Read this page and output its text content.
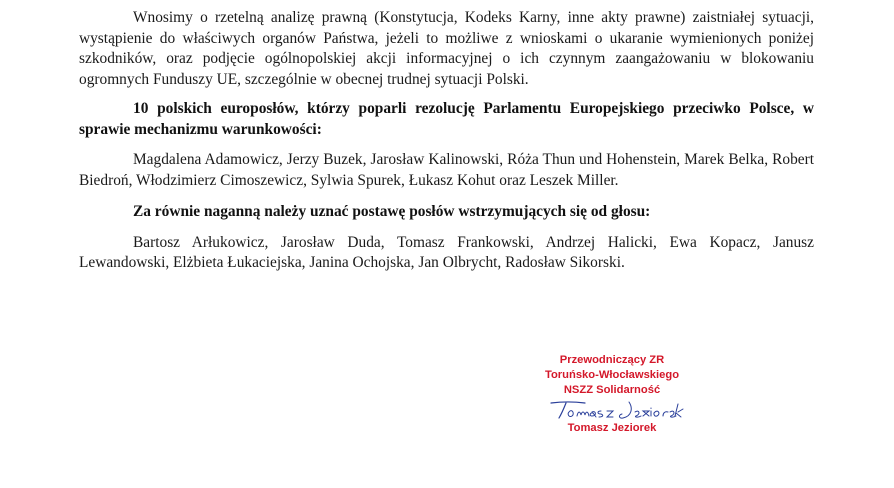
Wnosimy o rzetelną analizę prawną (Konstytucja, Kodeks Karny, inne akty prawne) zaistniałej sytuacji, wystąpienie do właściwych organów Państwa, jeżeli to możliwe z wnioskami o ukaranie wymienionych poniżej szkodników, oraz podjęcie ogólnopolskiej akcji informacyjnej o ich czynnym zaangażowaniu w blokowaniu ogromnych Funduszy UE, szczególnie w obecnej trudnej sytuacji Polski.

10 polskich europosłów, którzy poparli rezolucję Parlamentu Europejskiego przeciwko Polsce, w sprawie mechanizmu warunkowości:

Magdalena Adamowicz, Jerzy Buzek, Jarosław Kalinowski, Róża Thun und Hohenstein, Marek Belka, Robert Biedroń, Włodzimierz Cimoszewicz, Sylwia Spurek, Łukasz Kohut oraz Leszek Miller.

Za równie naganną należy uznać postawę posłów wstrzymujących się od głosu:

Bartosz Arłukowicz, Jarosław Duda, Tomasz Frankowski, Andrzej Halicki, Ewa Kopacz, Janusz Lewandowski, Elżbieta Łukaciejska, Janina Ochojska, Jan Olbrycht, Radosław Sikorski.

Przewodniczący ZR
Toruńsko-Włocławskiego
NSZZ Solidarność
Tomasz Jeziorek
